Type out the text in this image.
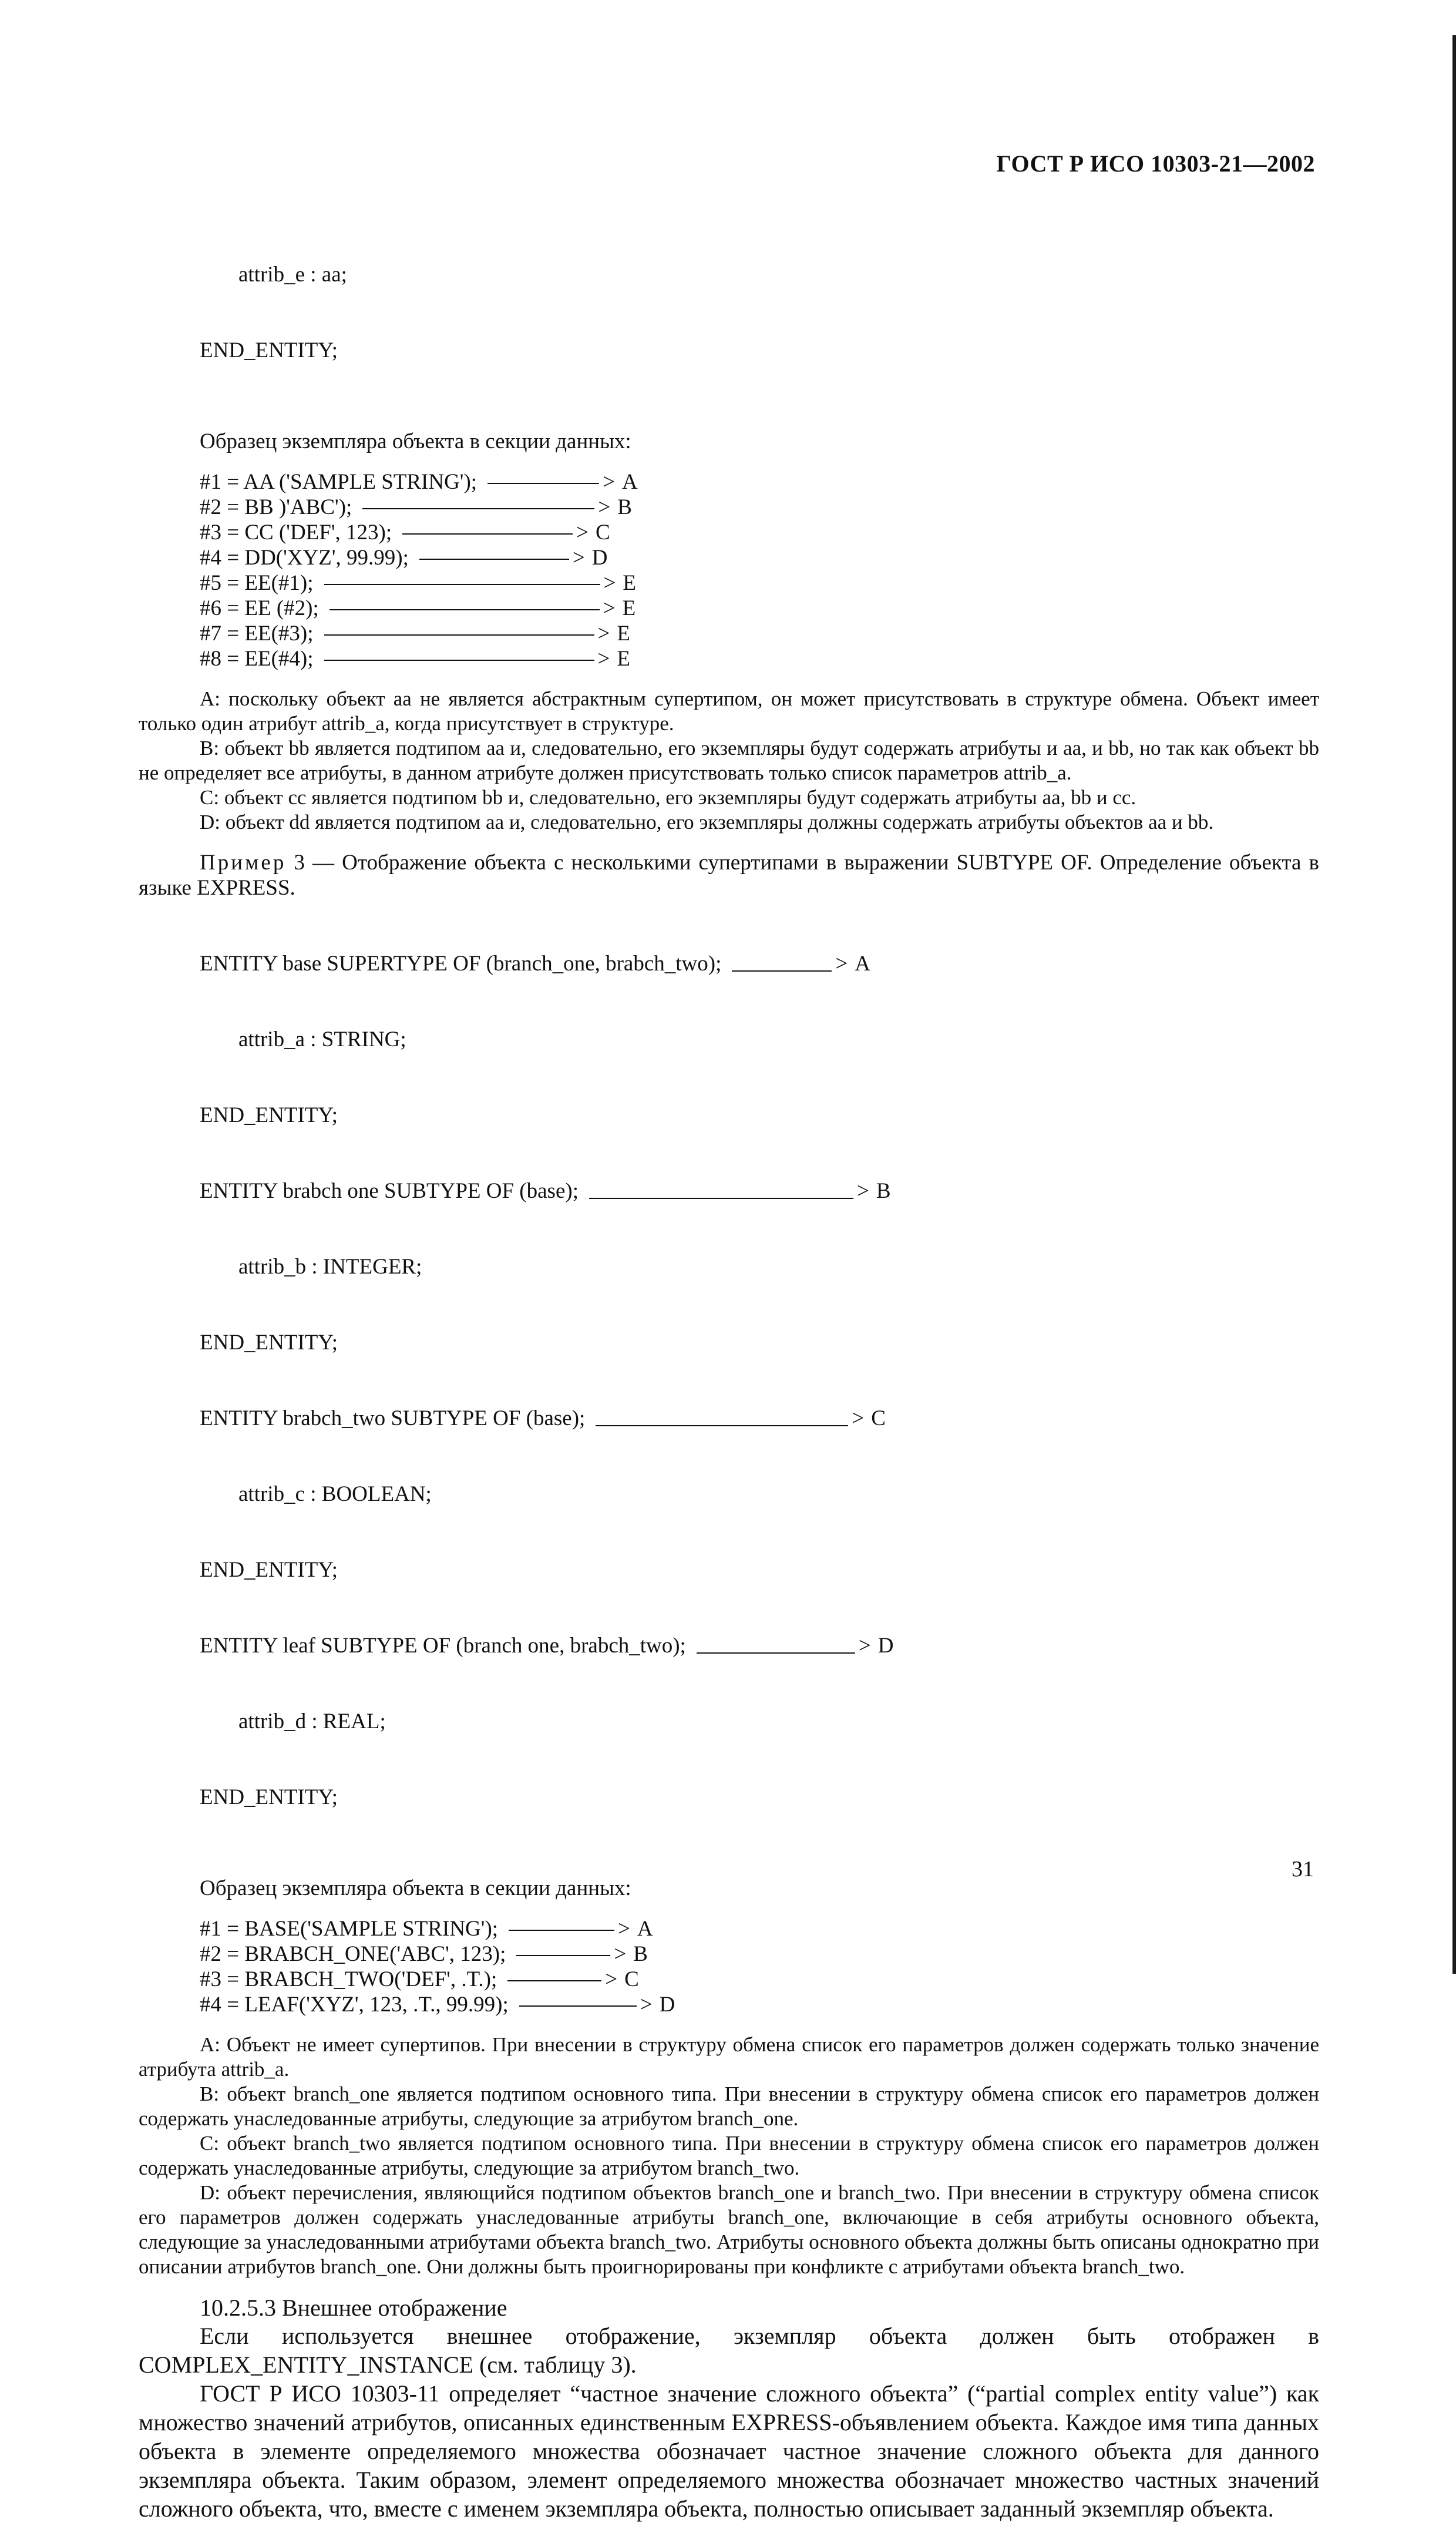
ГОСТ Р ИСО 10303-21—2002

attrib_e : aa;

END_ENTITY;

Образец экземпляра объекта в секции данных:
#1 = AA ('SAMPLE STRING');	> A
#2 = BB )'ABC');	> B
#3 = CC ('DEF', 123);	> C
#4 = DD('XYZ', 99.99);	> D
#5 = EE(#1);	> E
#6 = EE (#2);	> E
#7 = EE(#3);	> E
#8 = EE(#4);	> E

A: поскольку объект aa не является абстрактным супертипом, он может присутствовать в структуре обмена. Объект имеет только один атрибут attrib_a, когда присутствует в структуре.

B: объект bb является подтипом aa и, следовательно, его экземпляры будут содержать атрибуты и aa, и bb, но так как объект bb не определяет все атрибуты, в данном атрибуте должен присутствовать только список параметров attrib_a.

C: объект cc является подтипом bb и, следовательно, его экземпляры будут содержать атрибуты aa, bb и cc.

D: объект dd является подтипом aa и, следовательно, его экземпляры должны содержать атрибуты объектов aa и bb.

Пример 3 — Отображение объекта с несколькими супертипами в выражении SUBTYPE OF. Определение объекта в языке EXPRESS.

ENTITY base SUPERTYPE OF (branch_one, brabch_two);	> A

attrib_a : STRING;

END_ENTITY;

ENTITY brabch one SUBTYPE OF (base);	> B

attrib_b : INTEGER;

END_ENTITY;

ENTITY brabch_two SUBTYPE OF (base);	> C

attrib_c : BOOLEAN;

END_ENTITY;

ENTITY leaf SUBTYPE OF (branch one, brabch_two);	> D

attrib_d : REAL;

END_ENTITY;

Образец экземпляра объекта в секции данных:
#1 = BASE('SAMPLE STRING');	> A
#2 = BRABCH_ONE('ABC', 123);	> B
#3 = BRABCH_TWO('DEF', .T.);	> C
#4 = LEAF('XYZ', 123, .T., 99.99);	> D

A: Объект не имеет супертипов. При внесении в структуру обмена список его параметров должен содержать только значение атрибута attrib_a.

B: объект branch_one является подтипом основного типа. При внесении в структуру обмена список его параметров должен содержать унаследованные атрибуты, следующие за атрибутом branch_one.

C: объект branch_two является подтипом основного типа. При внесении в структуру обмена список его параметров должен содержать унаследованные атрибуты, следующие за атрибутом branch_two.

D: объект перечисления, являющийся подтипом объектов branch_one и branch_two. При внесении в структуру обмена список его параметров должен содержать унаследованные атрибуты branch_one, включающие в себя атрибуты основного объекта, следующие за унаследованными атрибутами объекта branch_two. Атрибуты основного объекта должны быть описаны однократно при описании атрибутов branch_one. Они должны быть проигнорированы при конфликте с атрибутами объекта branch_two.

10.2.5.3 Внешнее отображение

Если используется внешнее отображение, экземпляр объекта должен быть отображен в COMPLEX_ENTITY_INSTANCE (см. таблицу 3).

ГОСТ Р ИСО 10303-11 определяет “частное значение сложного объекта” (“partial complex entity value”) как множество значений атрибутов, описанных единственным EXPRESS-объявлением объекта. Каждое имя типа данных объекта в элементе определяемого множества обозначает частное значение сложного объекта для данного экземпляра объекта. Таким образом, элемент определяемого множества обозначает множество частных значений сложного объекта, что, вместе с именем экземпляра объекта, полностью описывает заданный экземпляр объекта.

31
